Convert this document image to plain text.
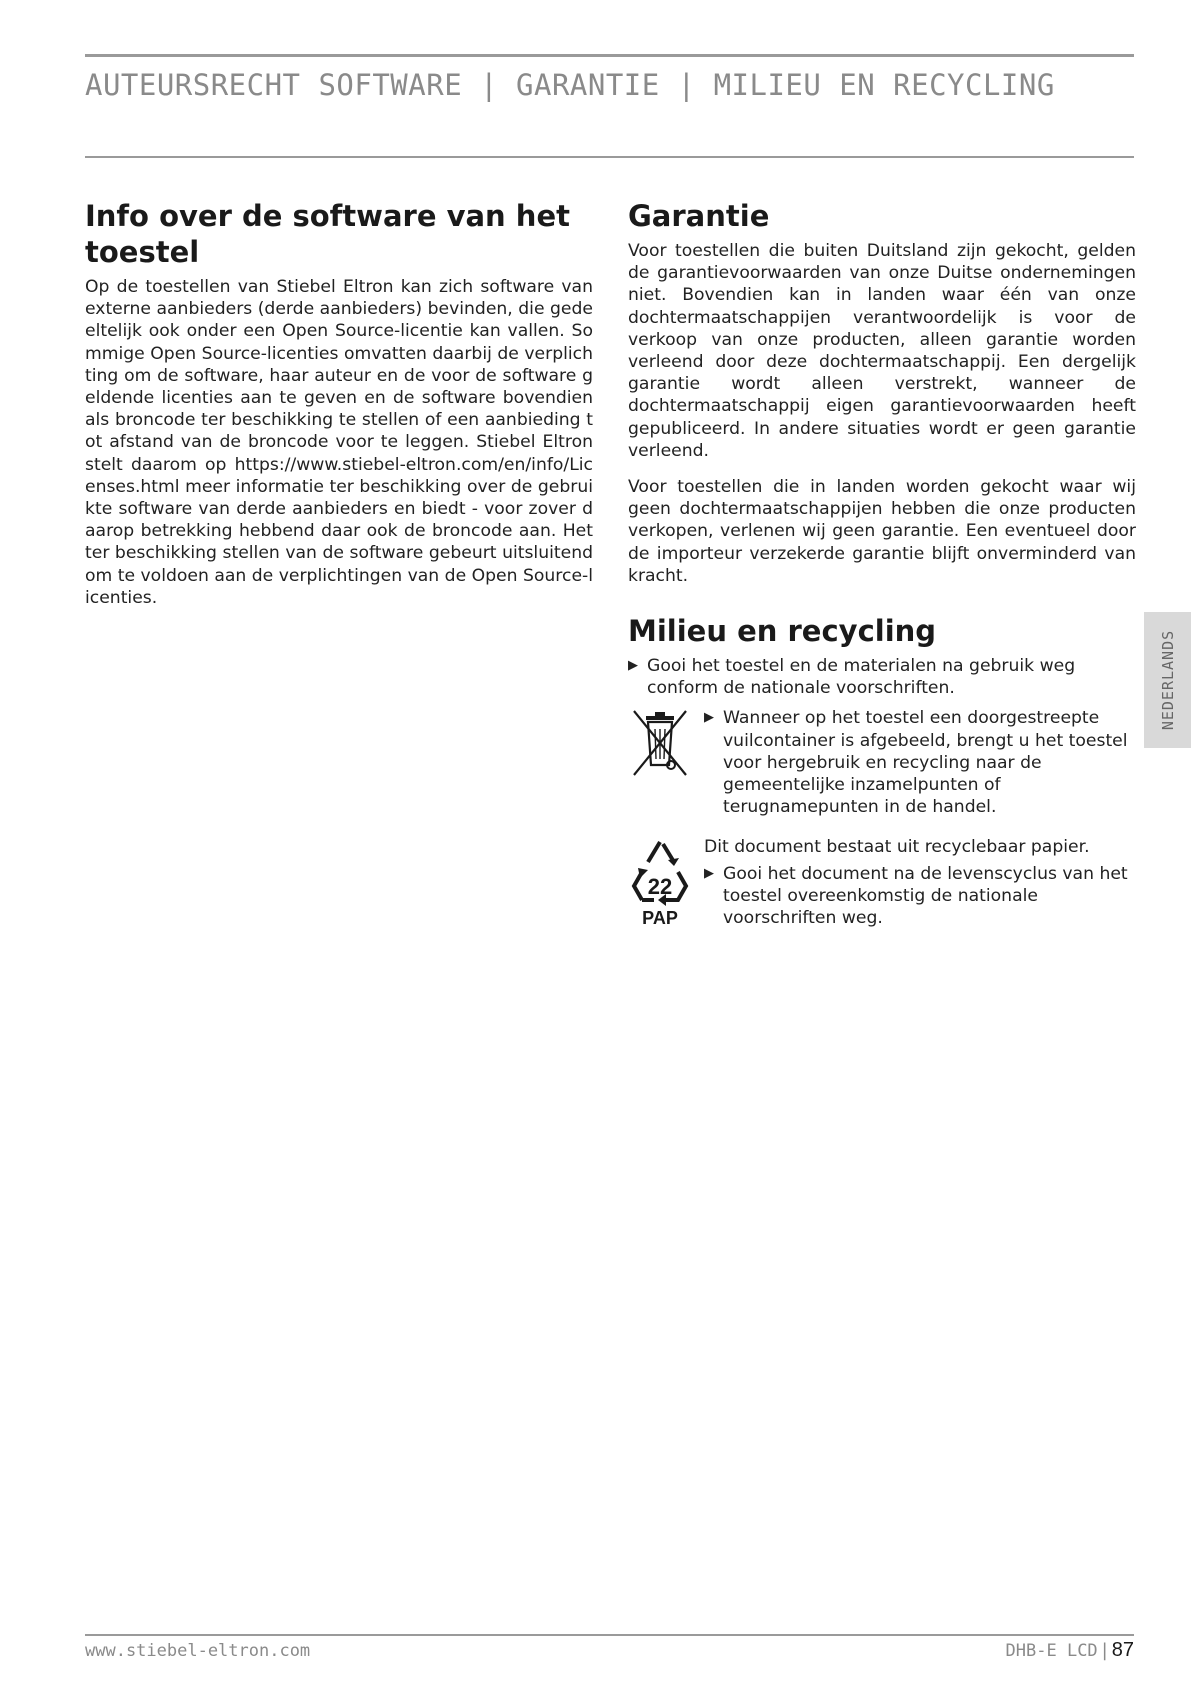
AUTEURSRECHT SOFTWARE | GARANTIE | MILIEU EN RECYCLING
Info over de software van het toestel

Op de toestellen van Stiebel Eltron kan zich software van externe aanbieders (derde aanbieders) bevinden, die gedeeltelijk ook onder een Open Source-licentie kan vallen. Sommige Open Source-licenties omvatten daarbij de verplichting om de software, haar auteur en de voor de software geldende licenties aan te geven en de software bovendien als broncode ter beschikking te stellen of een aanbieding tot afstand van de broncode voor te leggen. Stiebel Eltron stelt daarom op https://www.stiebel-eltron.com/en/info/Licenses.html meer informatie ter beschikking over de gebruikte software van derde aanbieders en biedt - voor zover daarop betrekking hebbend daar ook de broncode aan. Het ter beschikking stellen van de software gebeurt uitsluitend om te voldoen aan de verplichtingen van de Open Source-licenties.

Garantie

Voor toestellen die buiten Duitsland zijn gekocht, gelden de garantievoorwaarden van onze Duitse ondernemingen niet. Bovendien kan in landen waar één van onze dochtermaatschappijen verantwoordelijk is voor de verkoop van onze producten, alleen garantie worden verleend door deze dochtermaatschappij. Een dergelijk garantie wordt alleen verstrekt, wanneer de dochtermaatschappij eigen garantievoorwaarden heeft gepubliceerd. In andere situaties wordt er geen garantie verleend.

Voor toestellen die in landen worden gekocht waar wij geen dochtermaatschappijen hebben die onze producten verkopen, verlenen wij geen garantie. Een eventueel door de importeur verzekerde garantie blijft onverminderd van kracht.

Milieu en recycling
▶ Gooi het toestel en de materialen na gebruik weg conform de nationale voorschriften.
▶ Wanneer op het toestel een doorgestreepte vuilcontainer is afgebeeld, brengt u het toestel voor hergebruik en recycling naar de gemeentelijke inzamelpunten of terugnamepunten in de handel.
22
PAP
Dit document bestaat uit recyclebaar papier.
▶ Gooi het document na de levenscyclus van het toestel overeenkomstig de nationale voorschriften weg.
NEDERLANDS
www.stiebel-eltron.com	DHB-E LCD | 87
